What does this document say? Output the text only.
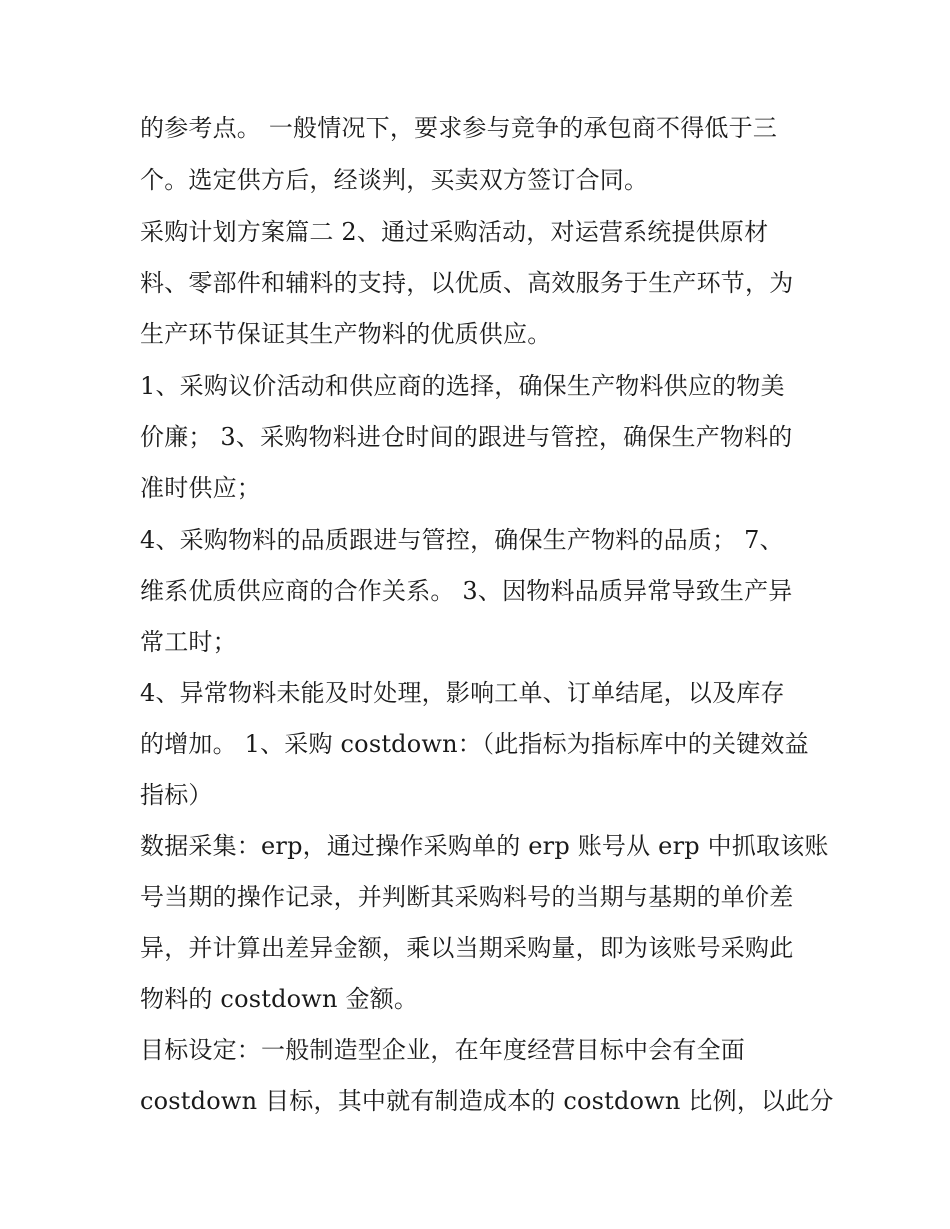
的参考点。 一般情况下，要求参与竞争的承包商不得低于三
个。选定供方后，经谈判，买卖双方签订合同。
采购计划方案篇二 2、通过采购活动，对运营系统提供原材
料、零部件和辅料的支持，以优质、高效服务于生产环节，为
生产环节保证其生产物料的优质供应。
1、采购议价活动和供应商的选择，确保生产物料供应的物美
价廉； 3、采购物料进仓时间的跟进与管控，确保生产物料的
准时供应；
4、采购物料的品质跟进与管控，确保生产物料的品质； 7、
维系优质供应商的合作关系。 3、因物料品质异常导致生产异
常工时；
4、异常物料未能及时处理，影响工单、订单结尾，以及库存
的增加。 1、采购 costdown：（此指标为指标库中的关键效益
指标）
数据采集：erp，通过操作采购单的 erp 账号从 erp 中抓取该账
号当期的操作记录，并判断其采购料号的当期与基期的单价差
异，并计算出差异金额，乘以当期采购量，即为该账号采购此
物料的 costdown 金额。
目标设定：一般制造型企业，在年度经营目标中会有全面
costdown 目标，其中就有制造成本的 costdown 比例，以此分
